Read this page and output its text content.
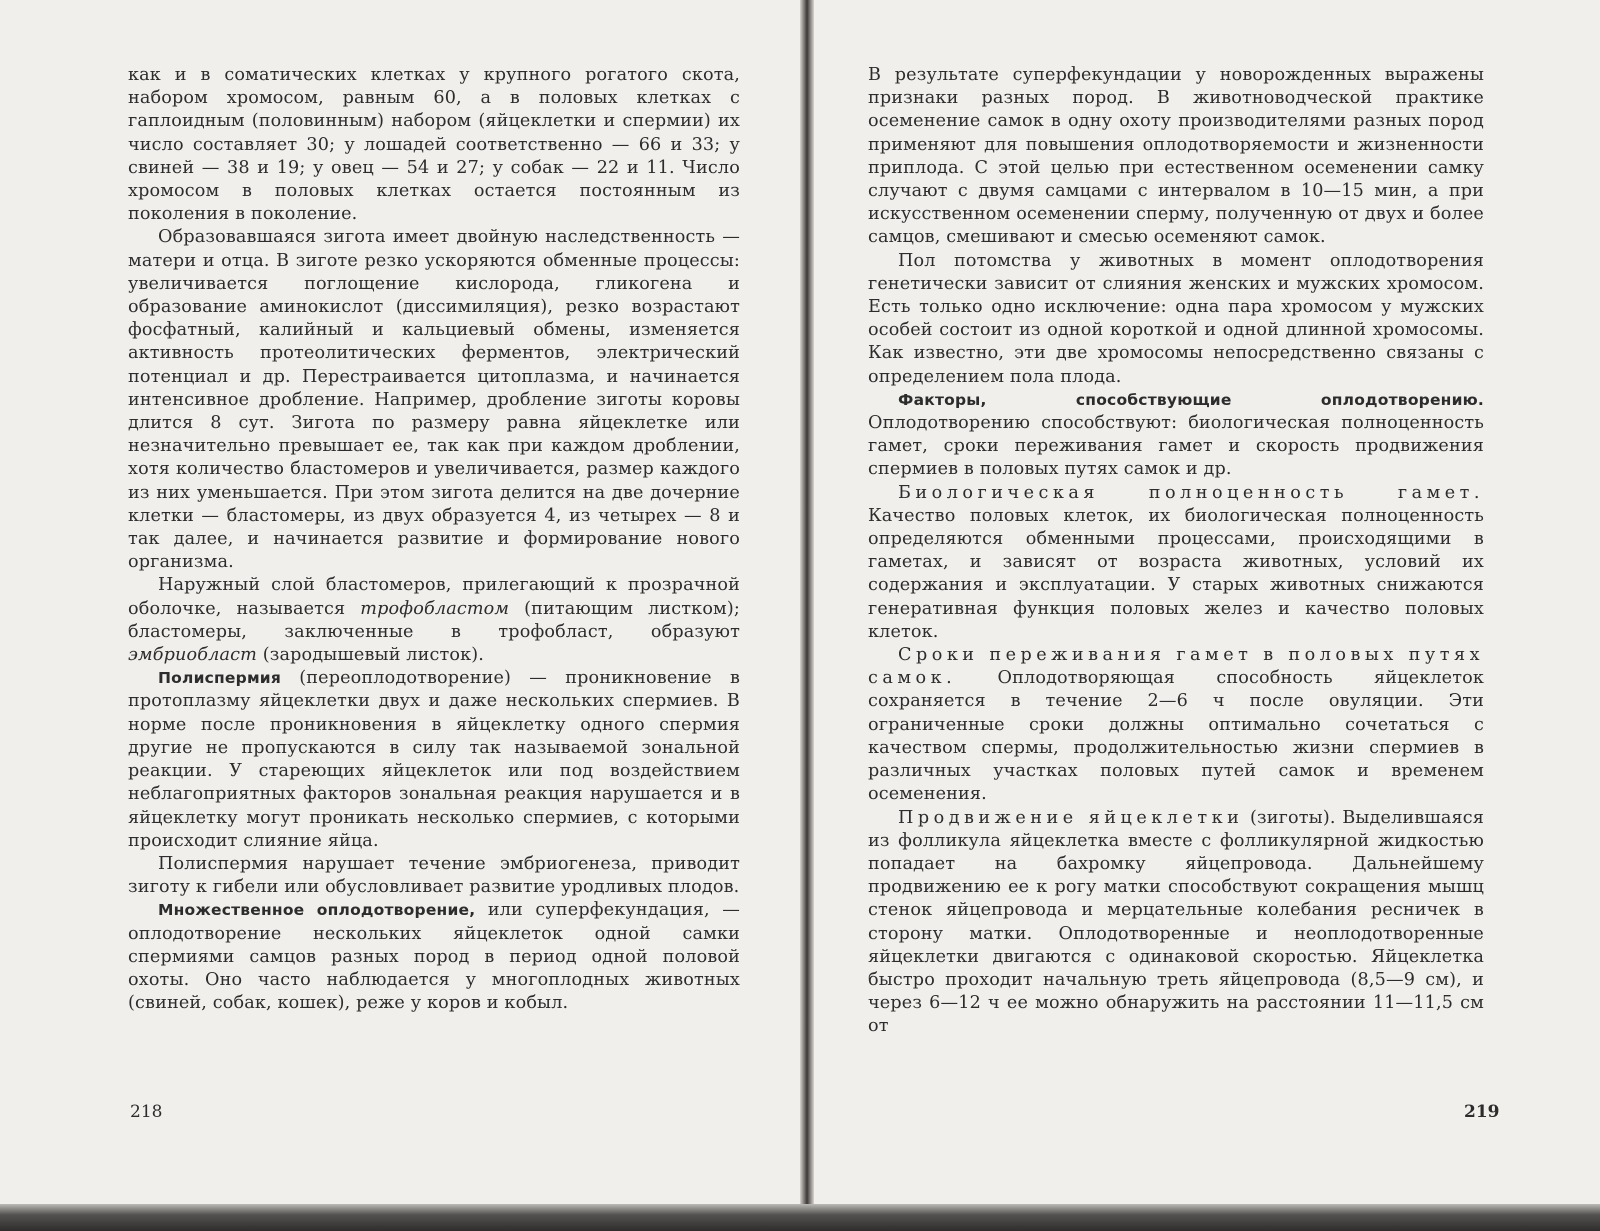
как и в соматических клетках у крупного рогатого скота, набором хромосом, равным 60, а в половых клетках с гаплоидным (половинным) набором (яйцеклетки и спермии) их число составляет 30; у лошадей соответственно — 66 и 33; у свиней — 38 и 19; у овец — 54 и 27; у собак — 22 и 11. Число хромосом в половых клетках остается постоянным из поколения в поколение.

Образовавшаяся зигота имеет двойную наследственность — матери и отца. В зиготе резко ускоряются обменные процессы: увеличивается поглощение кислорода, гликогена и образование аминокислот (диссимиляция), резко возрастают фосфатный, калийный и кальциевый обмены, изменяется активность протеолитических ферментов, электрический потенциал и др. Перестраивается цитоплазма, и начинается интенсивное дробление. Например, дробление зиготы коровы длится 8 сут. Зигота по размеру равна яйцеклетке или незначительно превышает ее, так как при каждом дроблении, хотя количество бластомеров и увеличивается, размер каждого из них уменьшается. При этом зигота делится на две дочерние клетки — бластомеры, из двух образуется 4, из четырех — 8 и так далее, и начинается развитие и формирование нового организма.

Наружный слой бластомеров, прилегающий к прозрачной оболочке, называется трофобластом (питающим листком); бластомеры, заключенные в трофобласт, образуют эмбриобласт (зародышевый листок).

Полиспермия (переоплодотворение) — проникновение в протоплазму яйцеклетки двух и даже нескольких спермиев. В норме после проникновения в яйцеклетку одного спермия другие не пропускаются в силу так называемой зональной реакции. У стареющих яйцеклеток или под воздействием неблагоприятных факторов зональная реакция нарушается и в яйцеклетку могут проникать несколько спермиев, с которыми происходит слияние яйца.

Полиспермия нарушает течение эмбриогенеза, приводит зиготу к гибели или обусловливает развитие уродливых плодов.

Множественное оплодотворение, или суперфекундация, — оплодотворение нескольких яйцеклеток одной самки спермиями самцов разных пород в период одной половой охоты. Оно часто наблюдается у многоплодных животных (свиней, собак, кошек), реже у коров и кобыл.

218

В результате суперфекундации у новорожденных выражены признаки разных пород. В животноводческой практике осеменение самок в одну охоту производителями разных пород применяют для повышения оплодотворяемости и жизненности приплода. С этой целью при естественном осеменении самку случают с двумя самцами с интервалом в 10—15 мин, а при искусственном осеменении сперму, полученную от двух и более самцов, смешивают и смесью осеменяют самок.

Пол потомства у животных в момент оплодотворения генетически зависит от слияния женских и мужских хромосом. Есть только одно исключение: одна пара хромосом у мужских особей состоит из одной короткой и одной длинной хромосомы. Как известно, эти две хромосомы непосредственно связаны с определением пола плода.

Факторы, способствующие оплодотворению. Оплодотворению способствуют: биологическая полноценность гамет, сроки переживания гамет и скорость продвижения спермиев в половых путях самок и др.

Биологическая полноценность гамет. Качество половых клеток, их биологическая полноценность определяются обменными процессами, происходящими в гаметах, и зависят от возраста животных, условий их содержания и эксплуатации. У старых животных снижаются генеративная функция половых желез и качество половых клеток.

Сроки переживания гамет в половых путях самок. Оплодотворяющая способность яйцеклеток сохраняется в течение 2—6 ч после овуляции. Эти ограниченные сроки должны оптимально сочетаться с качеством спермы, продолжительностью жизни спермиев в различных участках половых путей самок и временем осеменения.

Продвижение яйцеклетки (зиготы). Выделившаяся из фолликула яйцеклетка вместе с фолликулярной жидкостью попадает на бахромку яйцепровода. Дальнейшему продвижению ее к рогу матки способствуют сокращения мышц стенок яйцепровода и мерцательные колебания ресничек в сторону матки. Оплодотворенные и неоплодотворенные яйцеклетки двигаются с одинаковой скоростью. Яйцеклетка быстро проходит начальную треть яйцепровода (8,5—9 см), и через 6—12 ч ее можно обнаружить на расстоянии 11—11,5 см от

219
